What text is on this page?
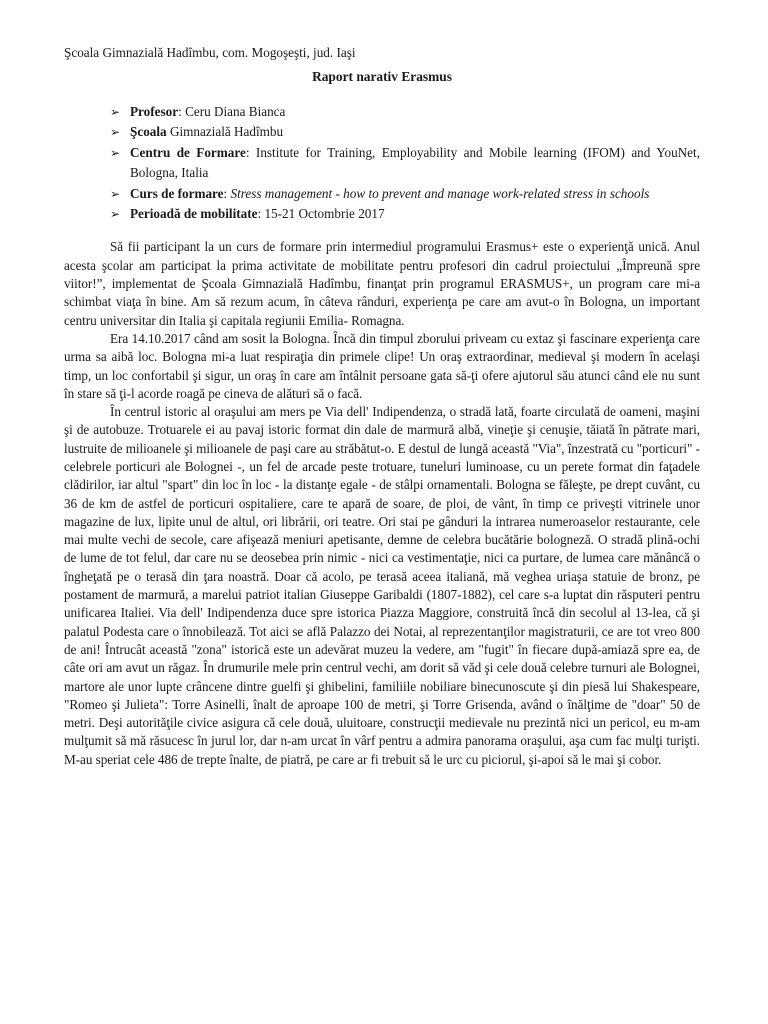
Şcoala Gimnazială Hadîmbu, com. Mogoşeşti, jud. Iaşi

Raport narativ Erasmus

➢ Profesor: Ceru Diana Bianca
➢ Şcoala Gimnazială Hadîmbu
➢ Centru de Formare: Institute for Training, Employability and Mobile learning (IFOM) and YouNet, Bologna, Italia
➢ Curs de formare: Stress management - how to prevent and manage work-related stress in schools
➢ Perioadă de mobilitate: 15-21 Octombrie 2017

Să fii participant la un curs de formare prin intermediul programului Erasmus+ este o experienţă unică. Anul acesta şcolar am participat la prima activitate de mobilitate pentru profesori din cadrul proiectului „Împreună spre viitor!”, implementat de Şcoala Gimnazială Hadîmbu, finanţat prin programul ERASMUS+, un program care mi-a schimbat viaţa în bine. Am să rezum acum, în câteva rânduri, experienţa pe care am avut-o în Bologna, un important centru universitar din Italia şi capitala regiunii Emilia- Romagna.

Era 14.10.2017 când am sosit la Bologna. Încă din timpul zborului priveam cu extaz şi fascinare experienţa care urma sa aibă loc. Bologna mi-a luat respiraţia din primele clipe! Un oraş extraordinar, medieval şi modern în acelaşi timp, un loc confortabil şi sigur, un oraş în care am întâlnit persoane gata să-ţi ofere ajutorul său atunci când ele nu sunt în stare să ţi-l acorde roagă pe cineva de alături să o facă.

În centrul istoric al oraşului am mers pe Via dell' Indipendenza, o stradă lată, foarte circulată de oameni, maşini şi de autobuze. Trotuarele ei au pavaj istoric format din dale de marmură albă, vineţie şi cenuşie, tăiată în pătrate mari, lustruite de milioanele şi milioanele de paşi care au străbătut-o. E destul de lungă această "Via", înzestrată cu "porticuri" - celebrele porticuri ale Bolognei -, un fel de arcade peste trotuare, tuneluri luminoase, cu un perete format din faţadele clădirilor, iar altul "spart" din loc în loc - la distanţe egale - de stâlpi ornamentali. Bologna se făleşte, pe drept cuvânt, cu 36 de km de astfel de porticuri ospitaliere, care te apară de soare, de ploi, de vânt, în timp ce priveşti vitrinele unor magazine de lux, lipite unul de altul, ori librării, ori teatre. Ori stai pe gânduri la intrarea numeroaselor restaurante, cele mai multe vechi de secole, care afişează meniuri apetisante, demne de celebra bucătărie bologneză. O stradă plină-ochi de lume de tot felul, dar care nu se deosebea prin nimic - nici ca vestimentaţie, nici ca purtare, de lumea care mănâncă o îngheţată pe o terasă din ţara noastră. Doar că acolo, pe terasă aceea italiană, mă veghea uriaşa statuie de bronz, pe postament de marmură, a marelui patriot italian Giuseppe Garibaldi (1807-1882), cel care s-a luptat din răsputeri pentru unificarea Italiei. Via dell' Indipendenza duce spre istorica Piazza Maggiore, construită încă din secolul al 13-lea, că şi palatul Podesta care o înnobilează. Tot aici se află Palazzo dei Notai, al reprezentanţilor magistraturii, ce are tot vreo 800 de ani! Întrucât această "zona" istorică este un adevărat muzeu la vedere, am "fugit" în fiecare după-amiază spre ea, de câte ori am avut un răgaz. În drumurile mele prin centrul vechi, am dorit să văd şi cele două celebre turnuri ale Bolognei, martore ale unor lupte crâncene dintre guelfi şi ghibelini, familiile nobiliare binecunoscute şi din piesă lui Shakespeare, "Romeo şi Julieta": Torre Asinelli, înalt de aproape 100 de metri, şi Torre Grisenda, având o înălţime de "doar" 50 de metri. Deşi autorităţile civice asigura că cele două, uluitoare, construcţii medievale nu prezintă nici un pericol, eu m-am mulţumit să mă răsucesc în jurul lor, dar n-am urcat în vârf pentru a admira panorama oraşului, aşa cum fac mulţi turişti. M-au speriat cele 486 de trepte înalte, de piatră, pe care ar fi trebuit să le urc cu piciorul, şi-apoi să le mai şi cobor.
